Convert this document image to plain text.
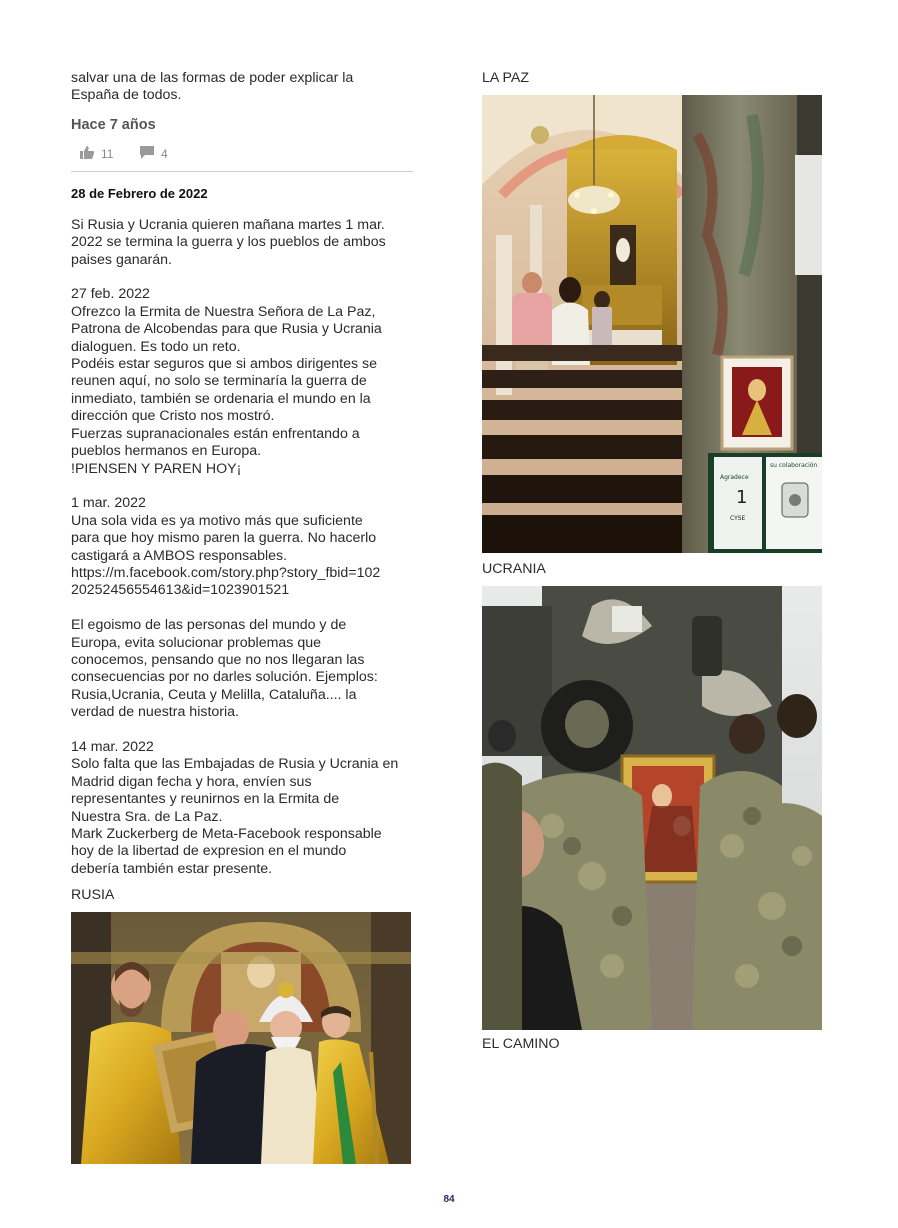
salvar una de las formas de poder explicar la
España de todos.

Hace 7 años
11	4
28 de Febrero de 2022

Si Rusia y Ucrania quieren mañana martes 1 mar.
2022 se termina la guerra y los pueblos de ambos
paises ganarán.

27 feb. 2022
Ofrezco la Ermita de Nuestra Señora de La Paz,
Patrona de Alcobendas para que Rusia y Ucrania
dialoguen. Es todo un reto.
Podéis estar seguros que si ambos dirigentes se
reunen aquí, no solo se terminaría la guerra de
inmediato, también se ordenaria el mundo en la
dirección que Cristo nos mostró.
Fuerzas supranacionales están enfrentando a
pueblos hermanos en Europa.
!PIENSEN Y PAREN HOY¡

1 mar. 2022
Una sola vida es ya motivo más que suficiente
para que hoy mismo paren la guerra. No hacerlo
castigará a AMBOS responsables.
https://m.facebook.com/story.php?story_fbid=102
20252456554613&id=1023901521

El egoismo de las personas del mundo y de
Europa, evita solucionar problemas que
conocemos, pensando que no nos llegaran las
consecuencias por no darles solución. Ejemplos:
Rusia,Ucrania, Ceuta y Melilla, Cataluña.... la
verdad de nuestra historia.

14 mar. 2022
Solo falta que las Embajadas de Rusia y Ucrania en
Madrid digan fecha y hora, envíen sus
representantes y reunirnos en la Ermita de
Nuestra Sra. de La Paz.
Mark Zuckerberg de Meta-Facebook responsable
hoy de la libertad de expresion en el mundo
debería también estar presente.

RUSIA
LA PAZ
Agradece
su colaboración
1
CYSE
UCRANIA
EL CAMINO
84
